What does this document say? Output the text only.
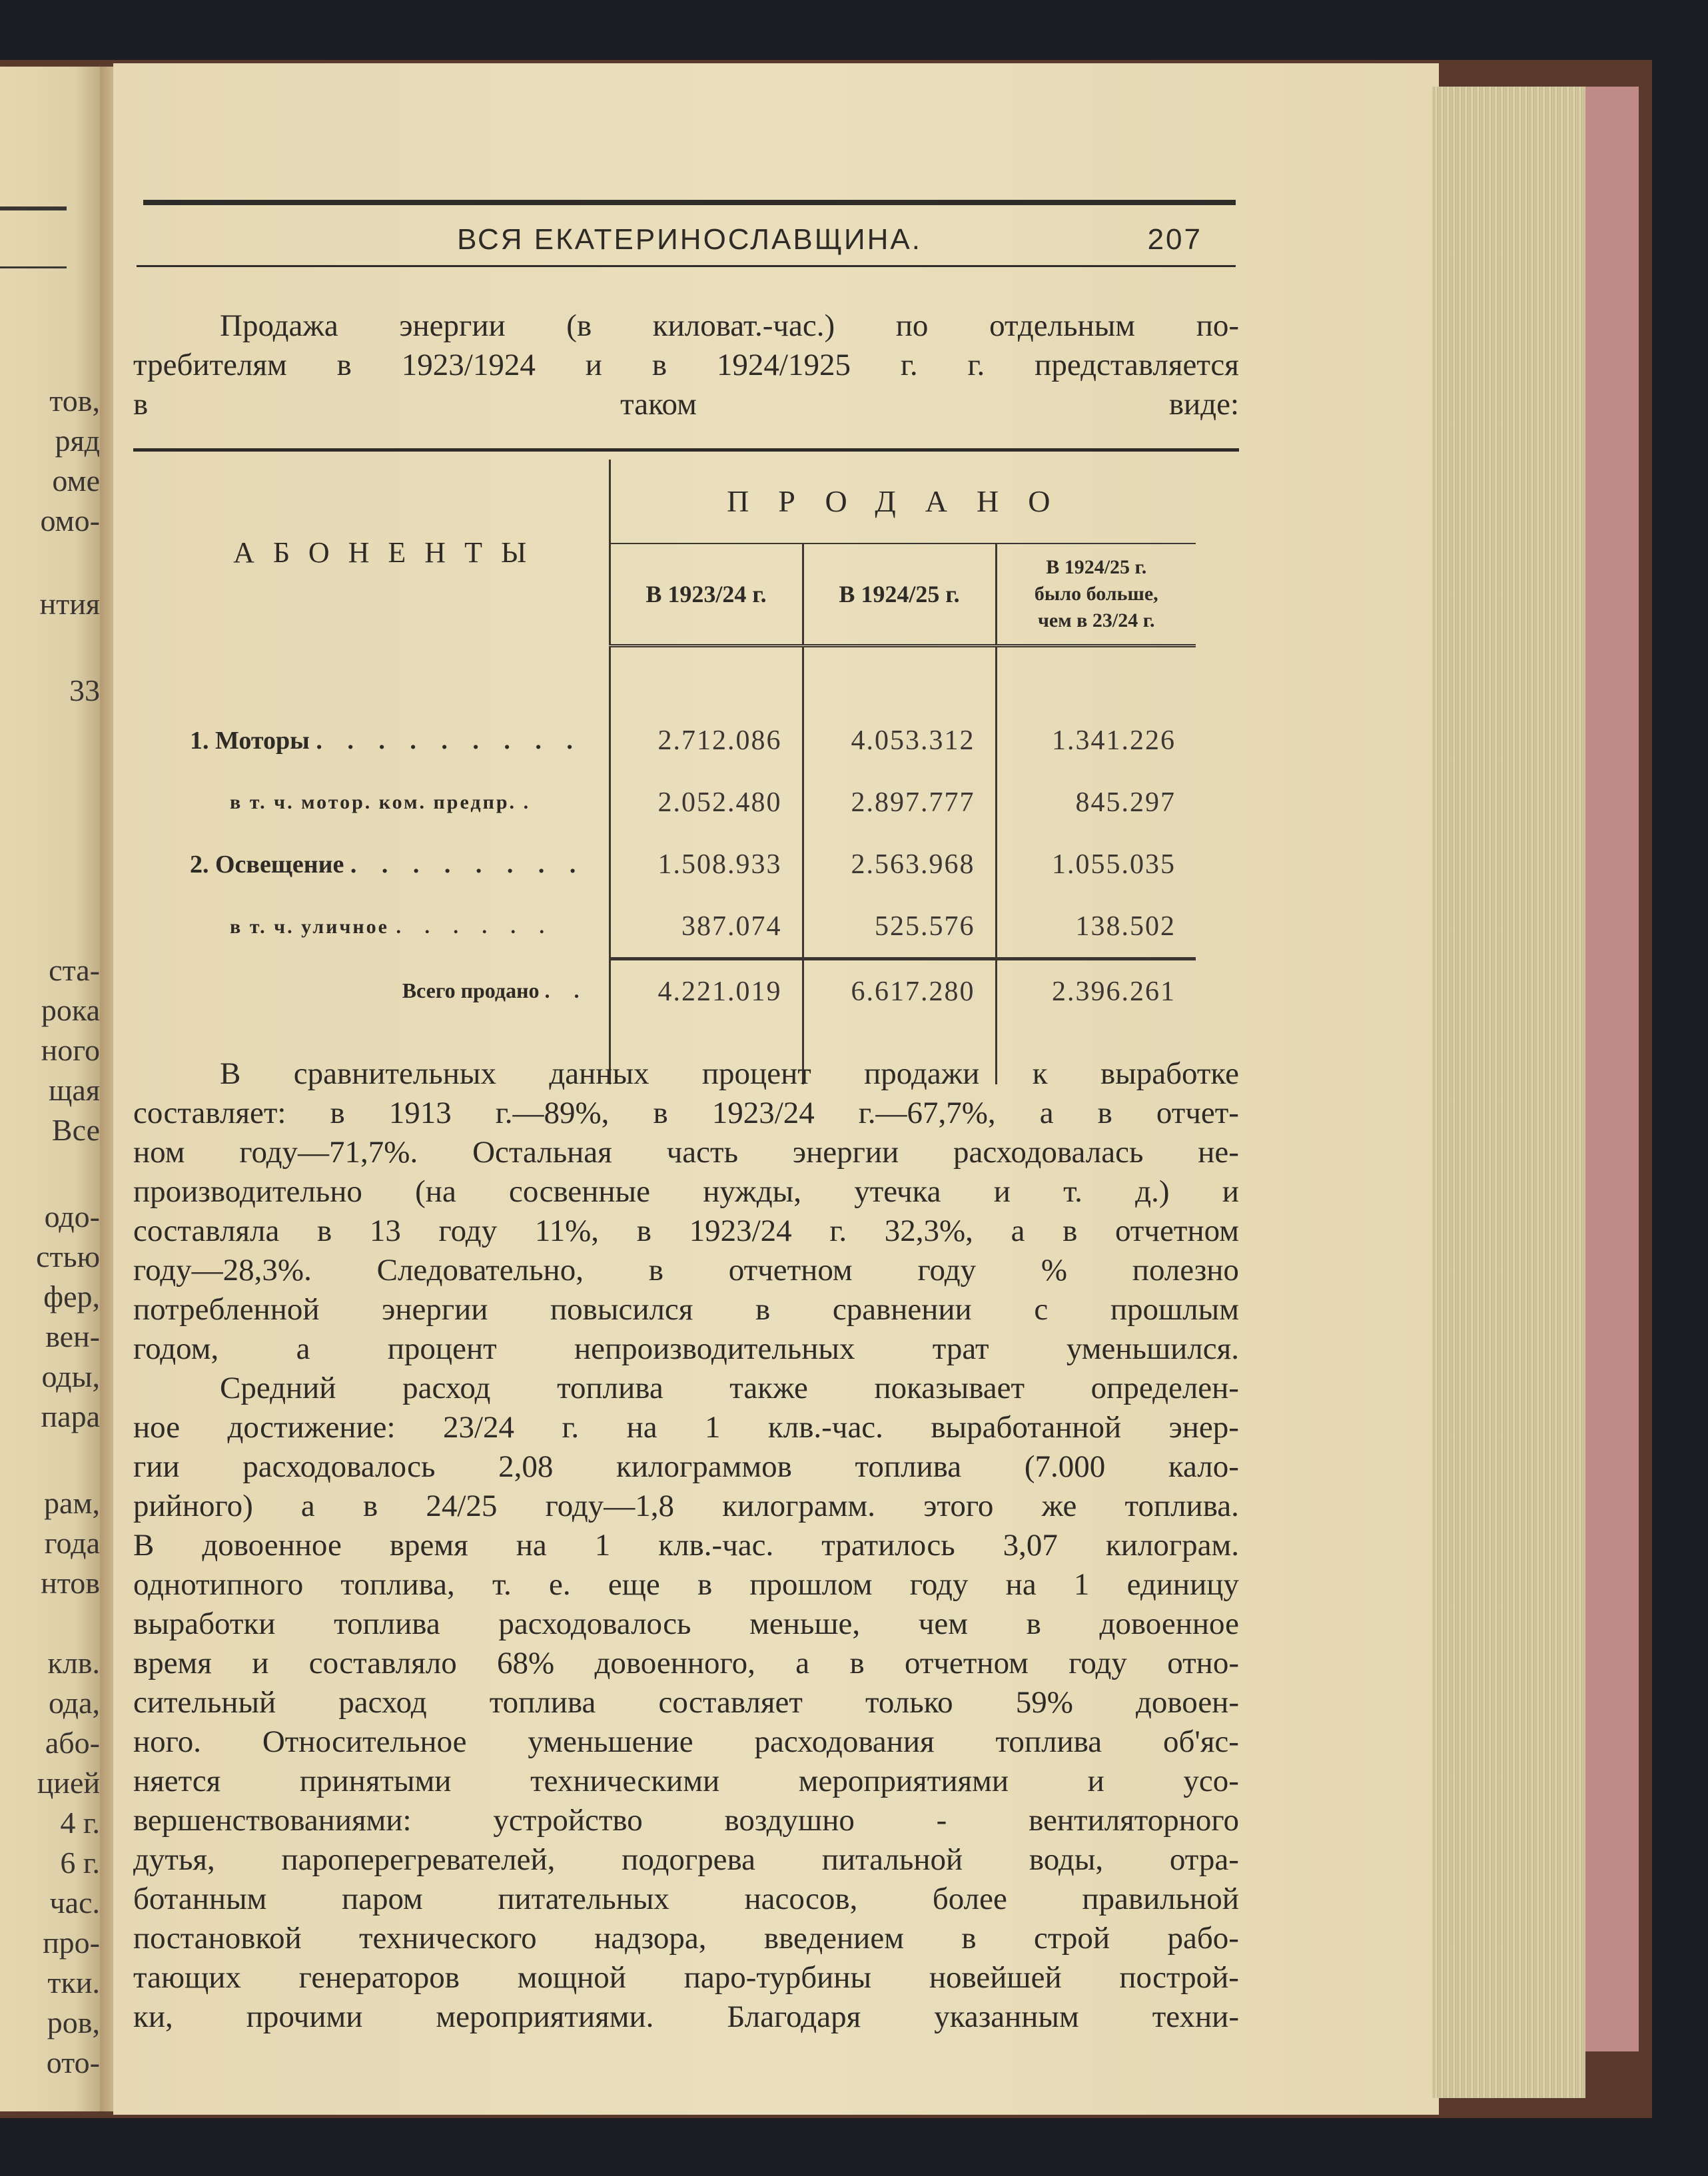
тов,
ряд
оме
омо-
нтия
33
ста-
рока
ного
щая
Все
одо-
стью
фер,
вен-
оды,
пара
рам,
года
нтов
клв.
ода,
або-
цией
4 г.
6 г.
час.
про-
тки.
ров,
ото-
ВСЯ ЕКАТЕРИНОСЛАВЩИНА.	207
Продажа энергии (в киловат.-час.) по отдельным по-
требителям в 1923/1924 и в 1924/1925 г. г. представляется
в таком виде:
АБОНЕНТЫ	ПРОДАНО		
	В 1923/24 г.	В 1924/25 г.	В 1924/25 г.
было больше,
чем в 23/24 г.

1. Моторы . . . . . . . . .	2.712.086	4.053.312	1.341.226
в т. ч. мотор. ком. предпр. .	2.052.480	2.897.777	845.297
2. Освещение . . . . . . . .	1.508.933	2.563.968	1.055.035
в т. ч. уличное . . . . . .	387.074	525.576	138.502
Всего продано . .	4.221.019	6.617.280	2.396.261

В сравнительных данных процент продажи к выработке
составляет: в 1913 г.—89%, в 1923/24 г.—67,7%, а в отчет-
ном году—71,7%. Остальная часть энергии расходовалась не-
производительно (на сосвенные нужды, утечка и т. д.) и
составляла в 13 году 11%, в 1923/24 г. 32,3%, а в отчетном
году—28,3%. Следовательно, в отчетном году % полезно
потребленной энергии повысился в сравнении с прошлым
годом, а процент непроизводительных трат уменьшился.
Средний расход топлива также показывает определен-
ное достижение: 23/24 г. на 1 клв.-час. выработанной энер-
гии расходовалось 2,08 килограммов топлива (7.000 кало-
рийного) а в 24/25 году—1,8 килограмм. этого же топлива.
В довоенное время на 1 клв.-час. тратилось 3,07 килограм.
однотипного топлива, т. е. еще в прошлом году на 1 единицу
выработки топлива расходовалось меньше, чем в довоенное
время и составляло 68% довоенного, а в отчетном году отно-
сительный расход топлива составляет только 59% довоен-
ного. Относительное уменьшение расходования топлива об'яс-
няется	принятыми	техническими	мероприятиями	и	усо-
вершенствованиями:	устройство	воздушно	-	вентиляторного
дутья, пароперегревателей, подогрева питальной воды, отра-
ботанным паром питательных насосов, более правильной
постановкой технического надзора, введением в строй рабо-
тающих генераторов мощной паро-турбины новейшей построй-
ки, прочими мероприятиями. Благодаря указанным техни-
